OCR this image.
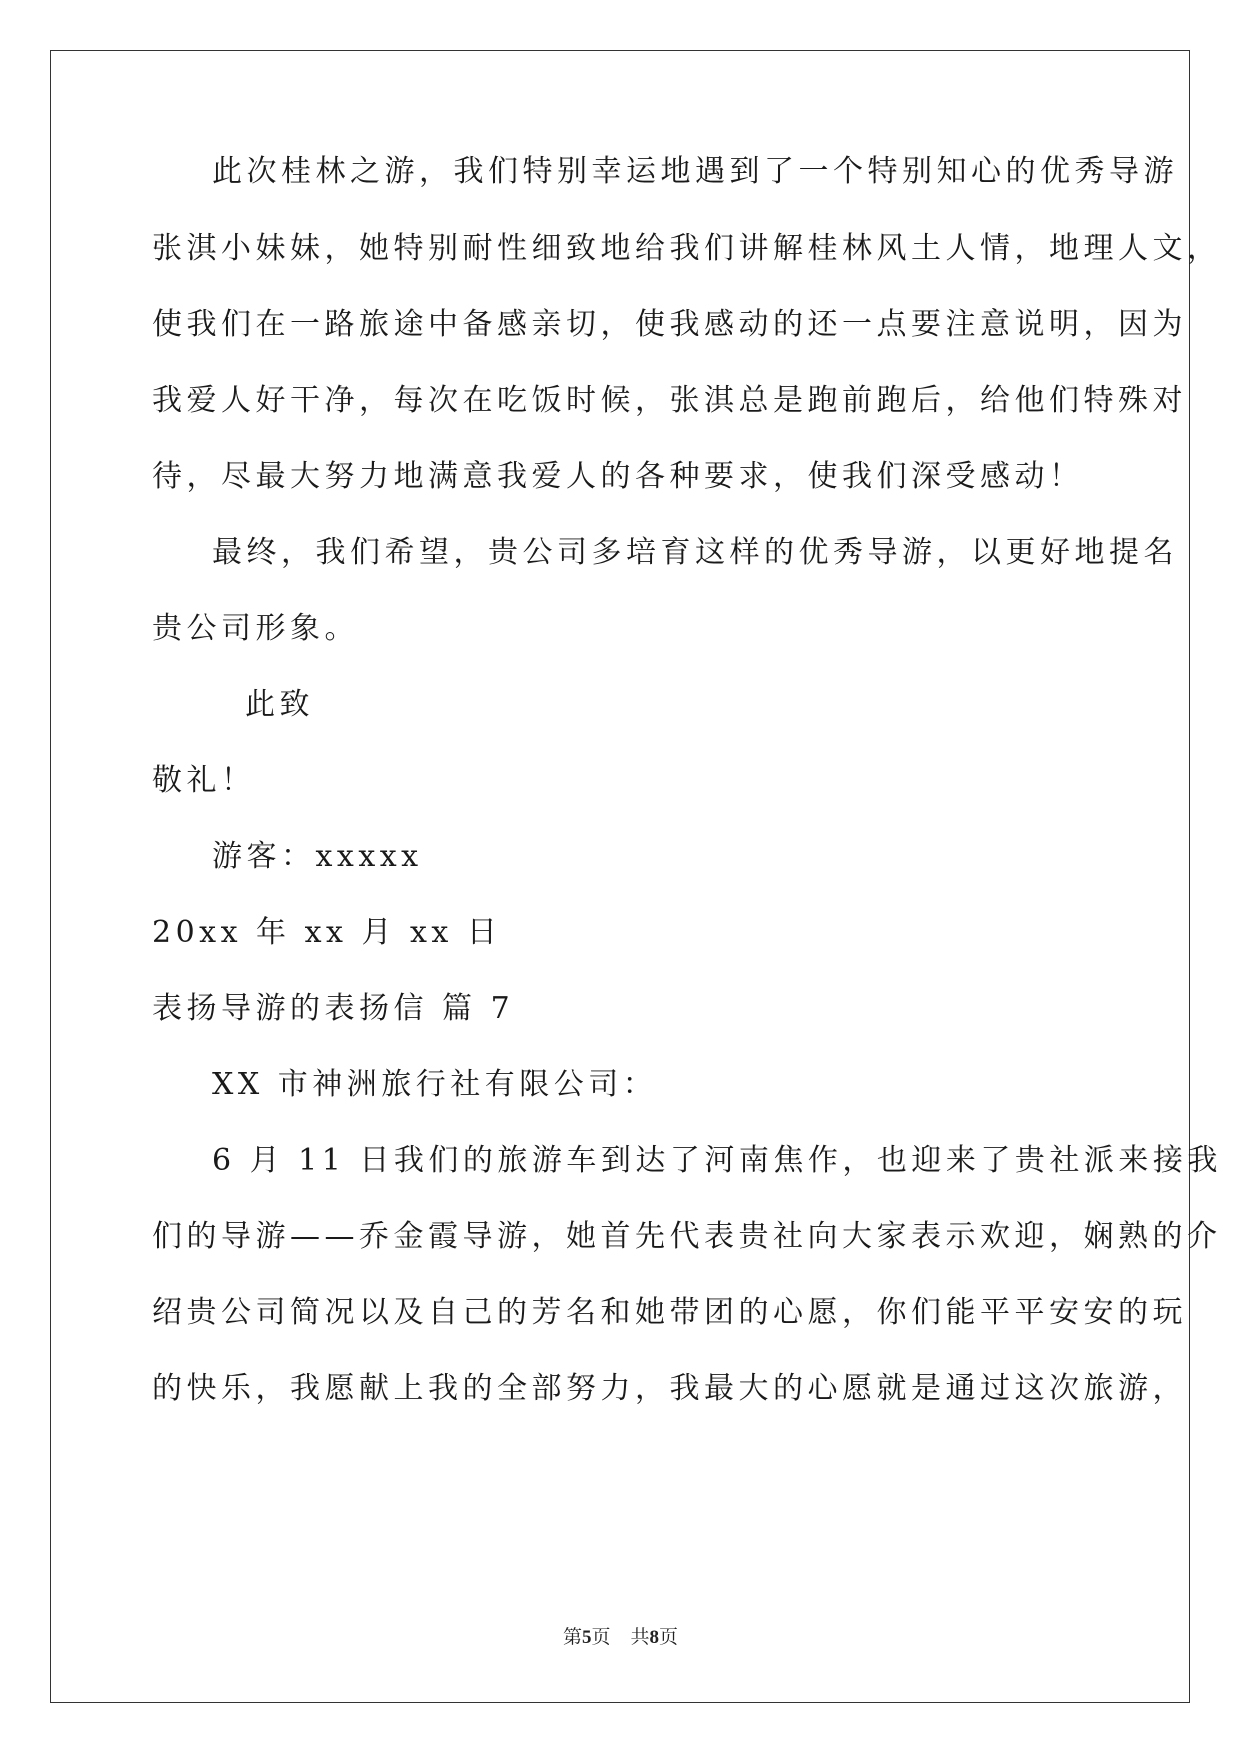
此次桂林之游，我们特别幸运地遇到了一个特别知心的优秀导游
张淇小妹妹，她特别耐性细致地给我们讲解桂林风土人情，地理人文，
使我们在一路旅途中备感亲切，使我感动的还一点要注意说明，因为
我爱人好干净，每次在吃饭时候，张淇总是跑前跑后，给他们特殊对
待，尽最大努力地满意我爱人的各种要求，使我们深受感动！
最终，我们希望，贵公司多培育这样的优秀导游，以更好地提名
贵公司形象。
此致
敬礼！
游客：xxxxx
20xx 年 xx 月 xx 日
表扬导游的表扬信 篇 7
XX 市神洲旅行社有限公司：
6 月 11 日我们的旅游车到达了河南焦作，也迎来了贵社派来接我
们的导游——乔金霞导游，她首先代表贵社向大家表示欢迎，娴熟的介
绍贵公司简况以及自己的芳名和她带团的心愿，你们能平平安安的玩
的快乐，我愿献上我的全部努力，我最大的心愿就是通过这次旅游，
第5页 共8页
